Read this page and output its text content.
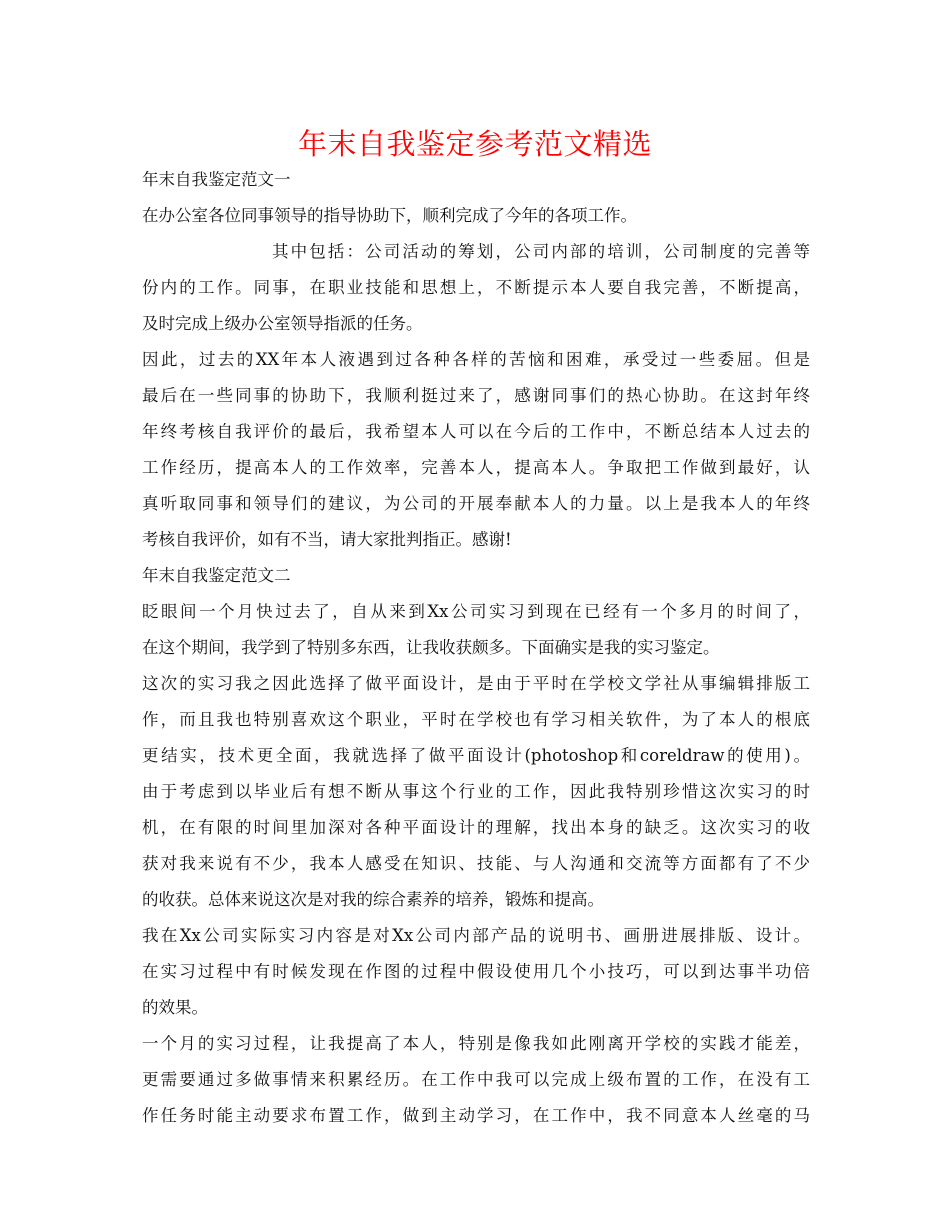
年末自我鉴定参考范文精选
年末自我鉴定范文一
在办公室各位同事领导的指导协助下，顺利完成了今年的各项工作。
其中包括：公司活动的筹划，公司内部的培训，公司制度的完善等
份内的工作。同事，在职业技能和思想上，不断提示本人要自我完善，不断提高，
及时完成上级办公室领导指派的任务。
因此，过去的XX年本人液遇到过各种各样的苦恼和困难，承受过一些委屈。但是
最后在一些同事的协助下，我顺利挺过来了，感谢同事们的热心协助。在这封年终
年终考核自我评价的最后，我希望本人可以在今后的工作中，不断总结本人过去的
工作经历，提高本人的工作效率，完善本人，提高本人。争取把工作做到最好，认
真听取同事和领导们的建议，为公司的开展奉献本人的力量。以上是我本人的年终
考核自我评价，如有不当，请大家批判指正。感谢!
年末自我鉴定范文二
眨眼间一个月快过去了，自从来到Xx公司实习到现在已经有一个多月的时间了，
在这个期间，我学到了特别多东西，让我收获颇多。下面确实是我的实习鉴定。
这次的实习我之因此选择了做平面设计，是由于平时在学校文学社从事编辑排版工
作，而且我也特别喜欢这个职业，平时在学校也有学习相关软件，为了本人的根底
更结实，技术更全面，我就选择了做平面设计(photoshop和coreldraw的使用)。
由于考虑到以毕业后有想不断从事这个行业的工作，因此我特别珍惜这次实习的时
机，在有限的时间里加深对各种平面设计的理解，找出本身的缺乏。这次实习的收
获对我来说有不少，我本人感受在知识、技能、与人沟通和交流等方面都有了不少
的收获。总体来说这次是对我的综合素养的培养，锻炼和提高。
我在Xx公司实际实习内容是对Xx公司内部产品的说明书、画册进展排版、设计。
在实习过程中有时候发现在作图的过程中假设使用几个小技巧，可以到达事半功倍
的效果。
一个月的实习过程，让我提高了本人，特别是像我如此刚离开学校的实践才能差，
更需要通过多做事情来积累经历。在工作中我可以完成上级布置的工作，在没有工
作任务时能主动要求布置工作，做到主动学习，在工作中，我不同意本人丝毫的马
